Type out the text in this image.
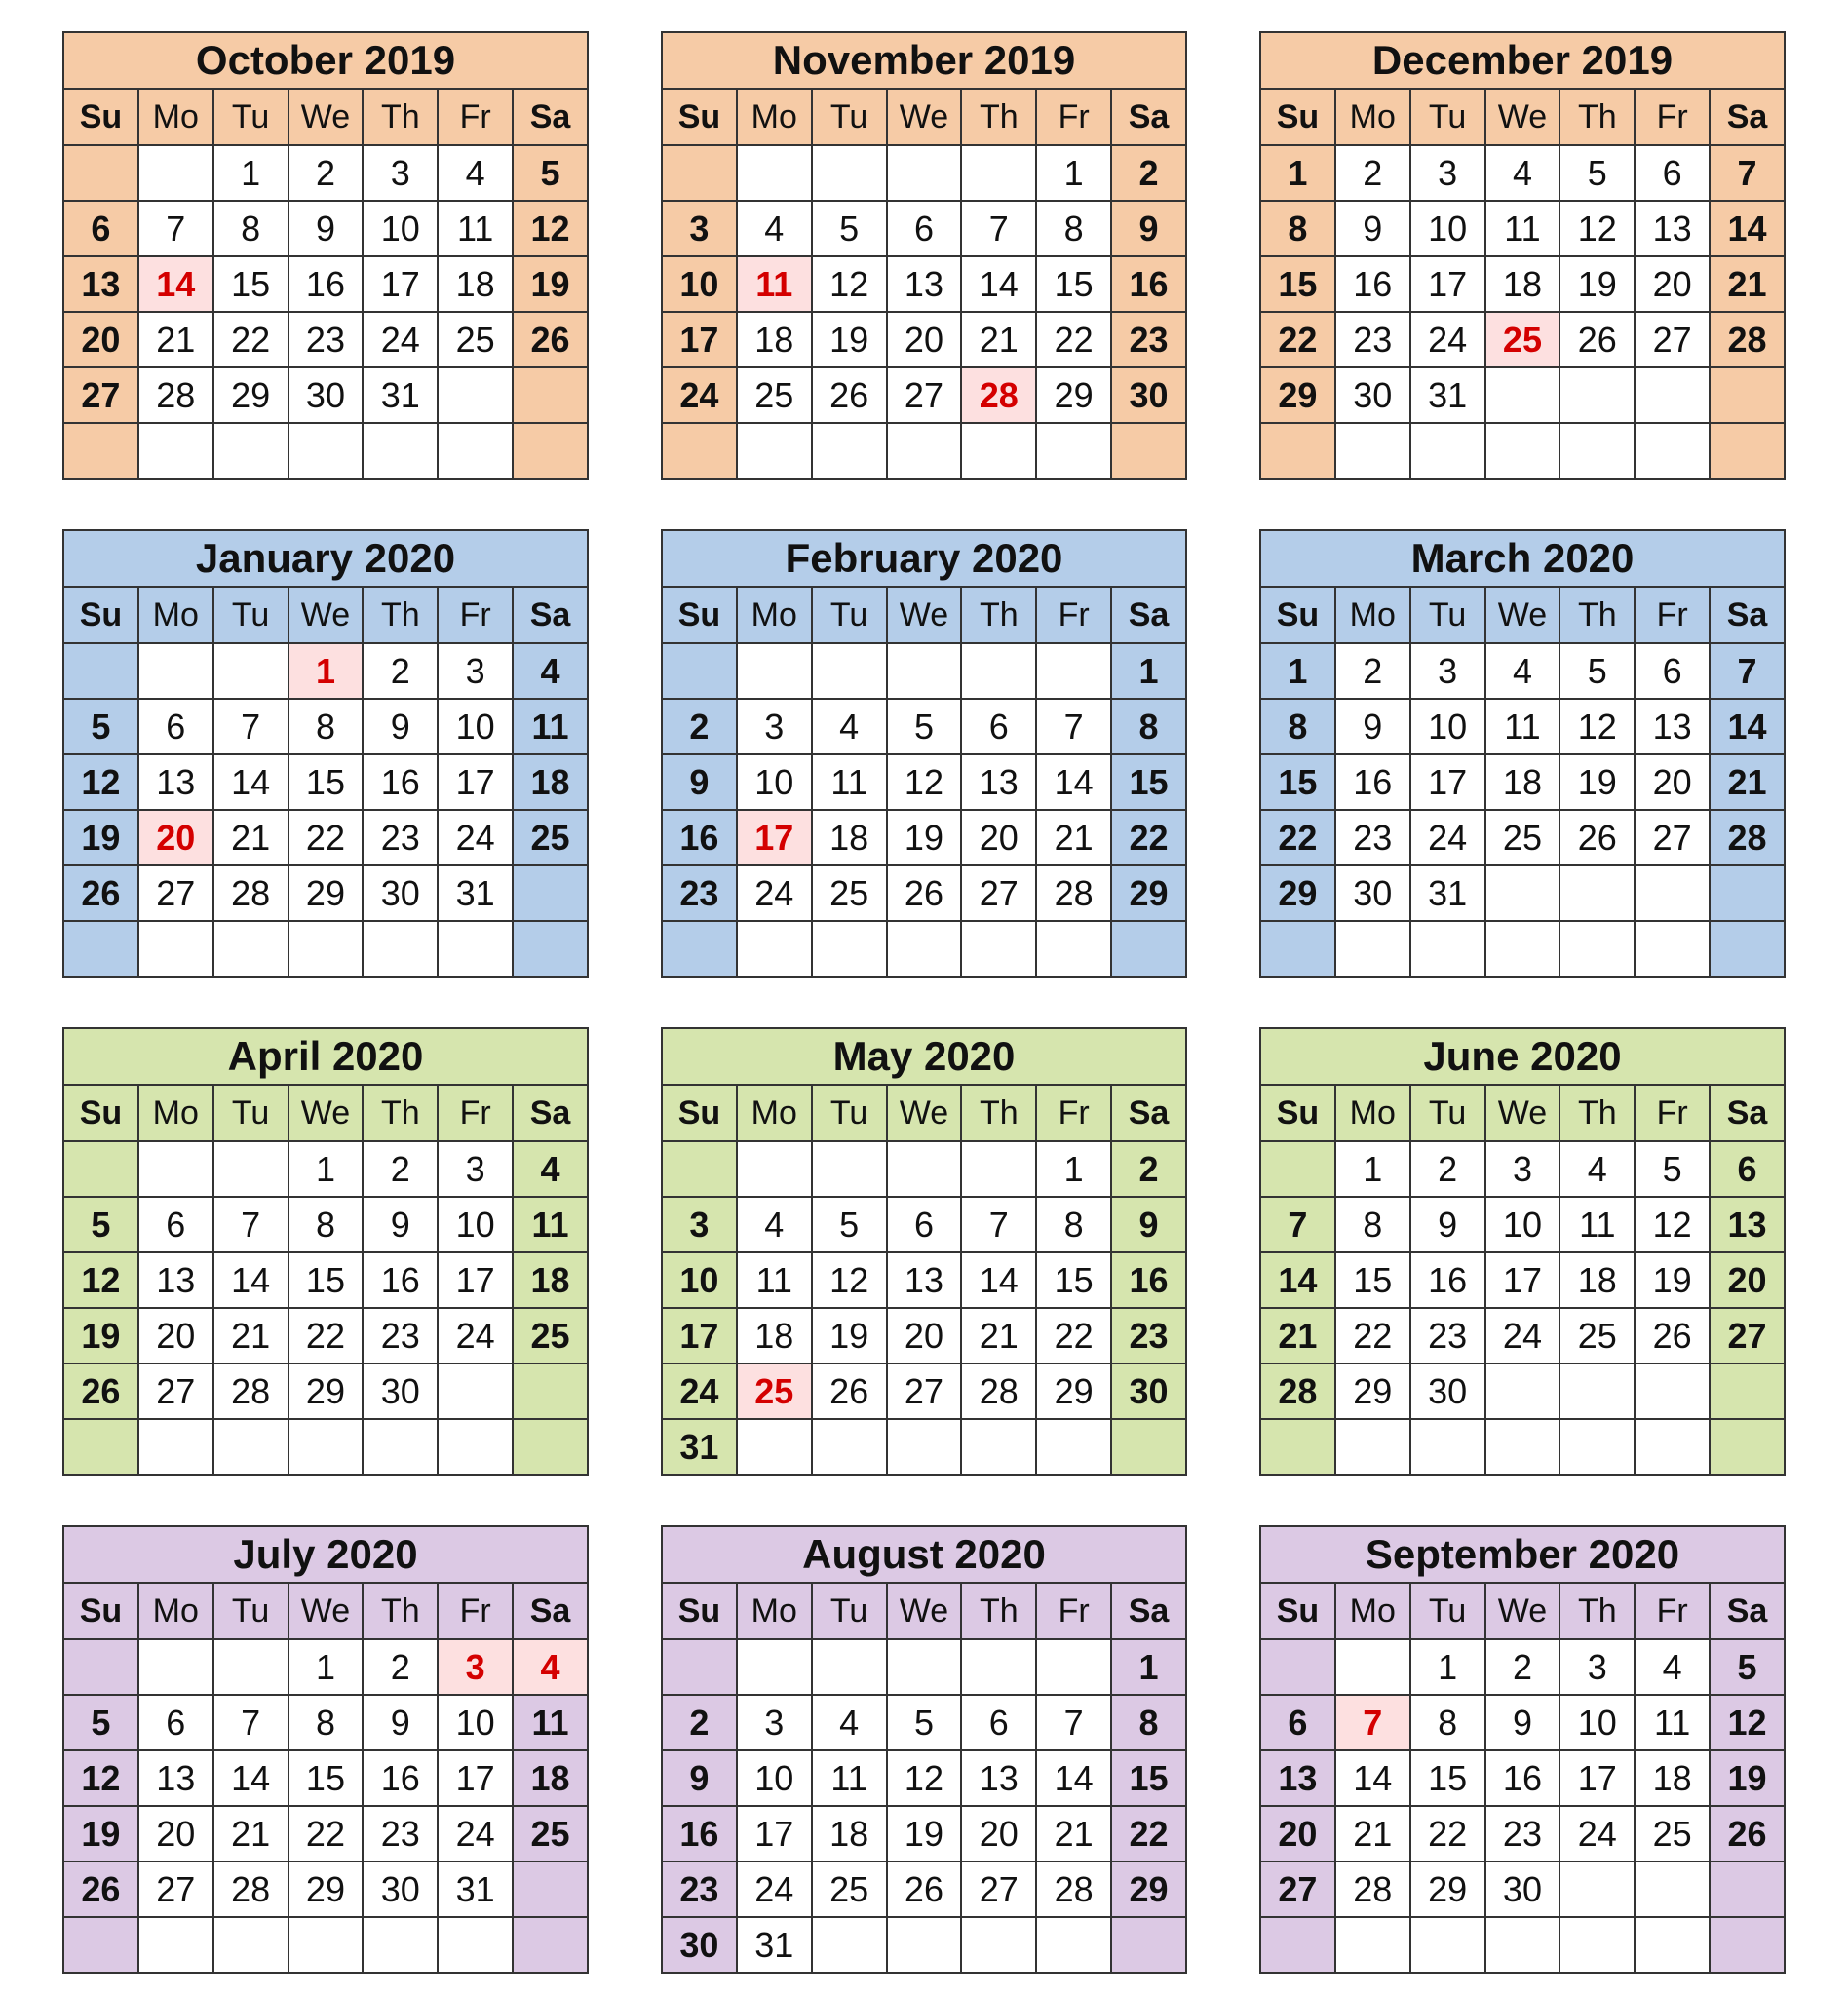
October 2019						
Su	Mo	Tu	We	Th	Fr	Sa
		1	2	3	4	5
6	7	8	9	10	11	12
13	14	15	16	17	18	19
20	21	22	23	24	25	26
27	28	29	30	31		

November 2019						
Su	Mo	Tu	We	Th	Fr	Sa
					1	2
3	4	5	6	7	8	9
10	11	12	13	14	15	16
17	18	19	20	21	22	23
24	25	26	27	28	29	30

December 2019						
Su	Mo	Tu	We	Th	Fr	Sa
1	2	3	4	5	6	7
8	9	10	11	12	13	14
15	16	17	18	19	20	21
22	23	24	25	26	27	28
29	30	31				

January 2020						
Su	Mo	Tu	We	Th	Fr	Sa
			1	2	3	4
5	6	7	8	9	10	11
12	13	14	15	16	17	18
19	20	21	22	23	24	25
26	27	28	29	30	31	

February 2020						
Su	Mo	Tu	We	Th	Fr	Sa
						1
2	3	4	5	6	7	8
9	10	11	12	13	14	15
16	17	18	19	20	21	22
23	24	25	26	27	28	29

March 2020						
Su	Mo	Tu	We	Th	Fr	Sa
1	2	3	4	5	6	7
8	9	10	11	12	13	14
15	16	17	18	19	20	21
22	23	24	25	26	27	28
29	30	31				

April 2020						
Su	Mo	Tu	We	Th	Fr	Sa
			1	2	3	4
5	6	7	8	9	10	11
12	13	14	15	16	17	18
19	20	21	22	23	24	25
26	27	28	29	30		

May 2020						
Su	Mo	Tu	We	Th	Fr	Sa
					1	2
3	4	5	6	7	8	9
10	11	12	13	14	15	16
17	18	19	20	21	22	23
24	25	26	27	28	29	30
31						
June 2020						
Su	Mo	Tu	We	Th	Fr	Sa
	1	2	3	4	5	6
7	8	9	10	11	12	13
14	15	16	17	18	19	20
21	22	23	24	25	26	27
28	29	30				

July 2020						
Su	Mo	Tu	We	Th	Fr	Sa
			1	2	3	4
5	6	7	8	9	10	11
12	13	14	15	16	17	18
19	20	21	22	23	24	25
26	27	28	29	30	31	

August 2020						
Su	Mo	Tu	We	Th	Fr	Sa
						1
2	3	4	5	6	7	8
9	10	11	12	13	14	15
16	17	18	19	20	21	22
23	24	25	26	27	28	29
30	31					
September 2020						
Su	Mo	Tu	We	Th	Fr	Sa
		1	2	3	4	5
6	7	8	9	10	11	12
13	14	15	16	17	18	19
20	21	22	23	24	25	26
27	28	29	30			
